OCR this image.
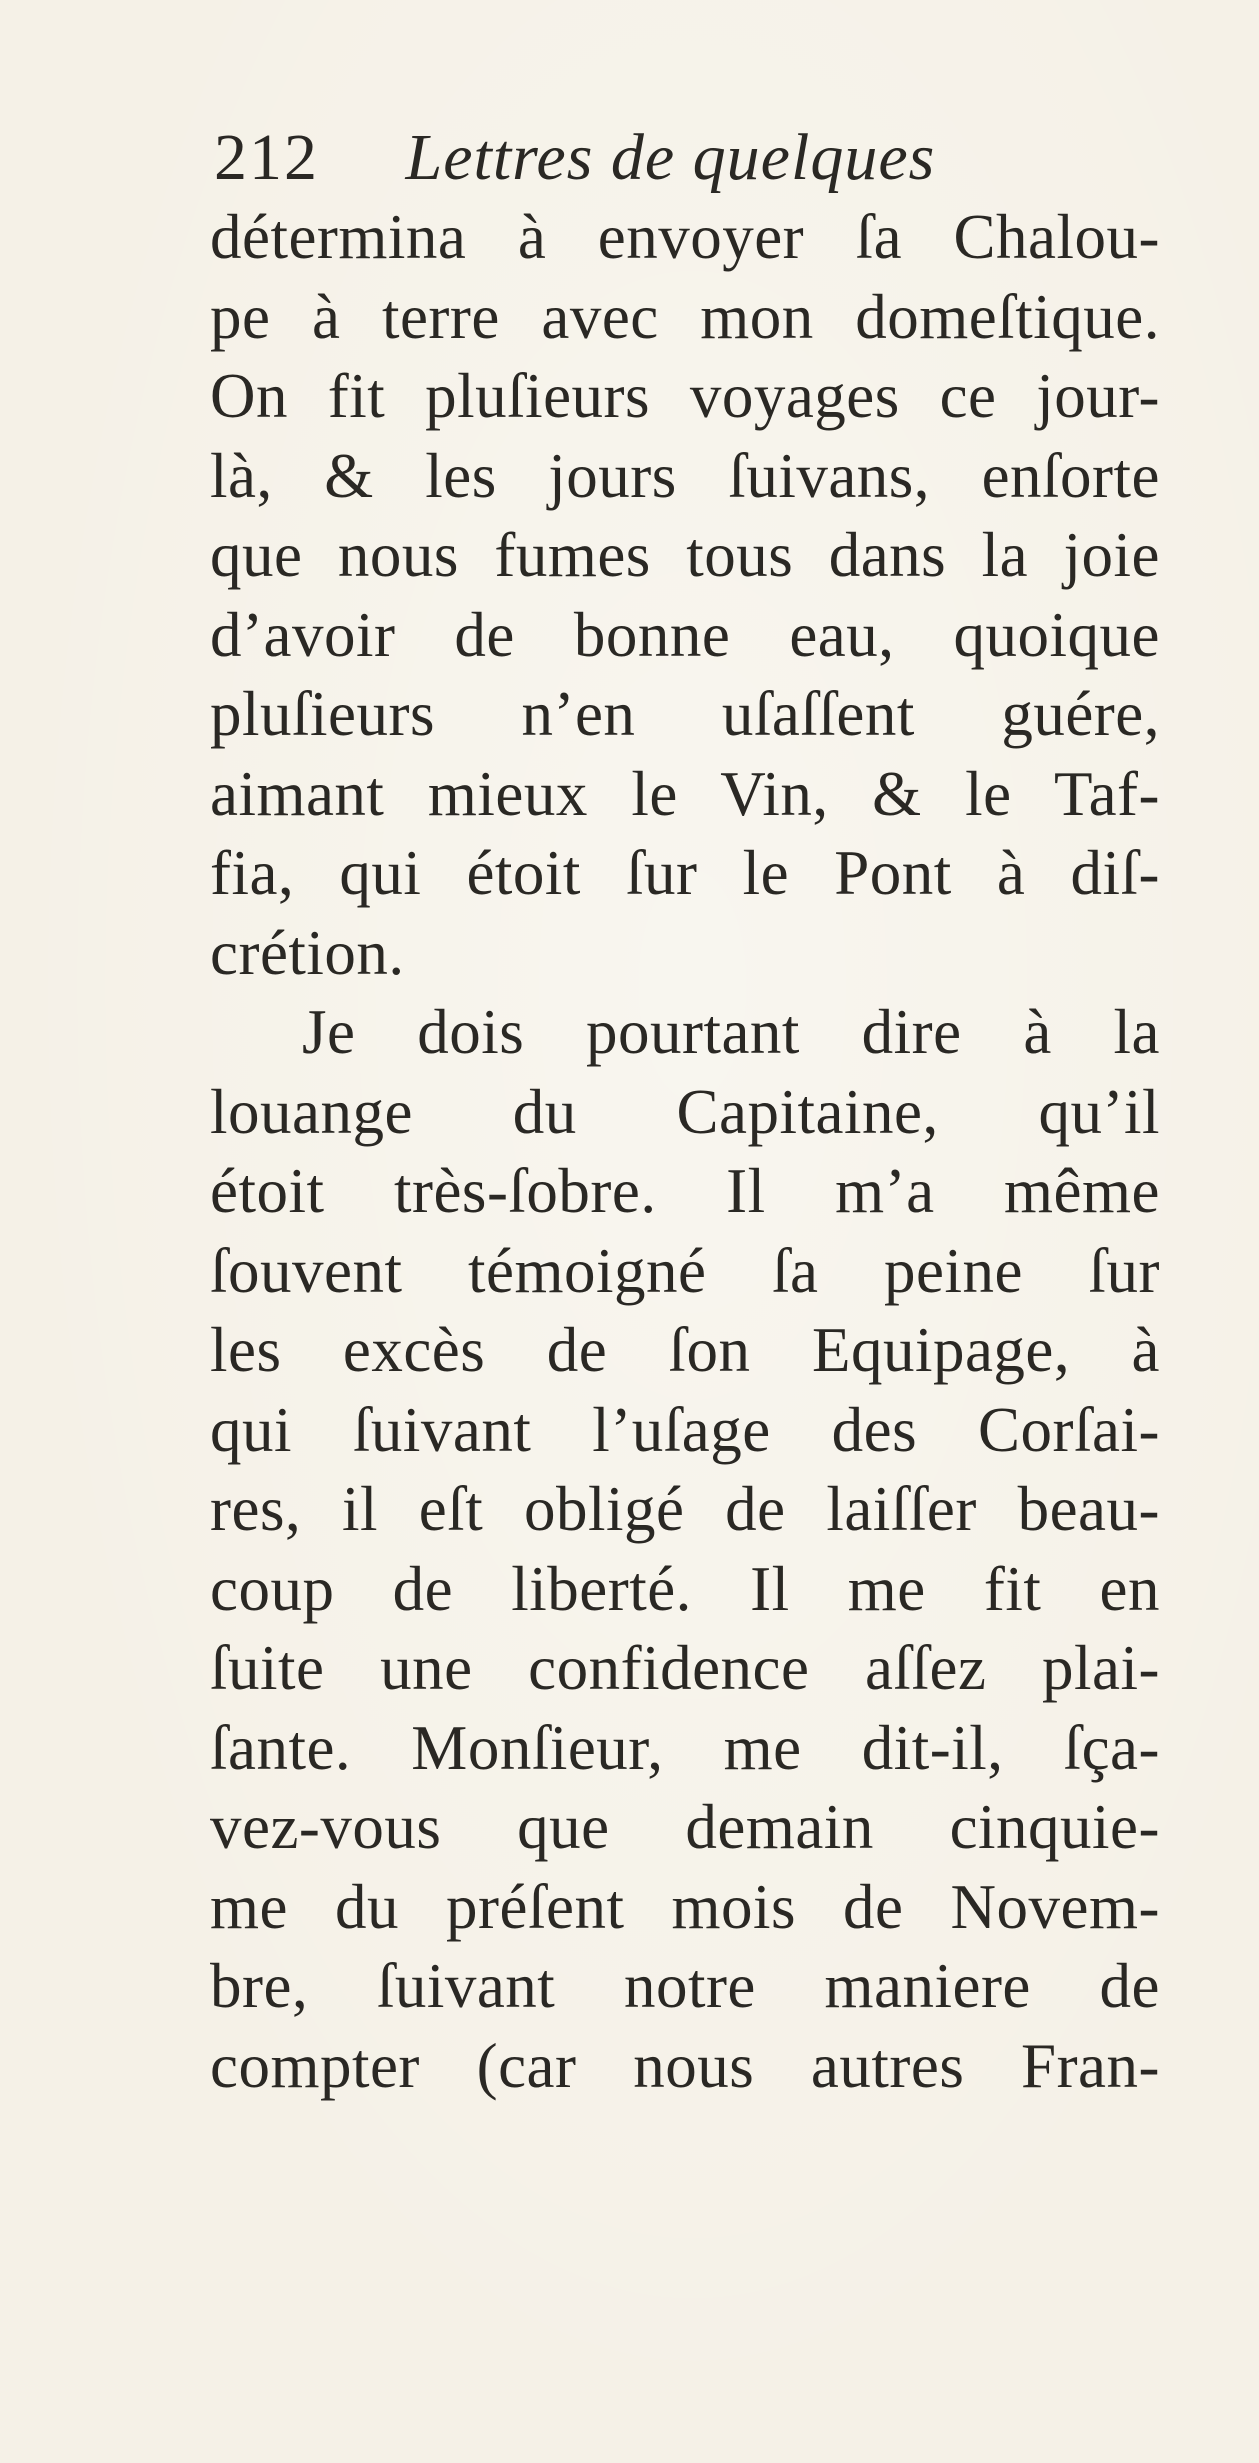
212 Lettres de quelques
détermina à envoyer ſa Chalou-
pe à terre avec mon domeſtique.
On fit pluſieurs voyages ce jour-
là, & les jours ſuivans, enſorte
que nous fumes tous dans la joie
d’avoir de bonne eau, quoique
pluſieurs n’en uſaſſent guére,
aimant mieux le Vin, & le Taf-
fia, qui étoit ſur le Pont à diſ-
crétion.
Je dois pourtant dire à la
louange du Capitaine, qu’il
étoit très-ſobre. Il m’a même
ſouvent témoigné ſa peine ſur
les excès de ſon Equipage, à
qui ſuivant l’uſage des Corſai-
res, il eſt obligé de laiſſer beau-
coup de liberté. Il me fit en
ſuite une confidence aſſez plai-
ſante. Monſieur, me dit-il, ſça-
vez-vous que demain cinquie-
me du préſent mois de Novem-
bre, ſuivant notre maniere de
compter (car nous autres Fran-
